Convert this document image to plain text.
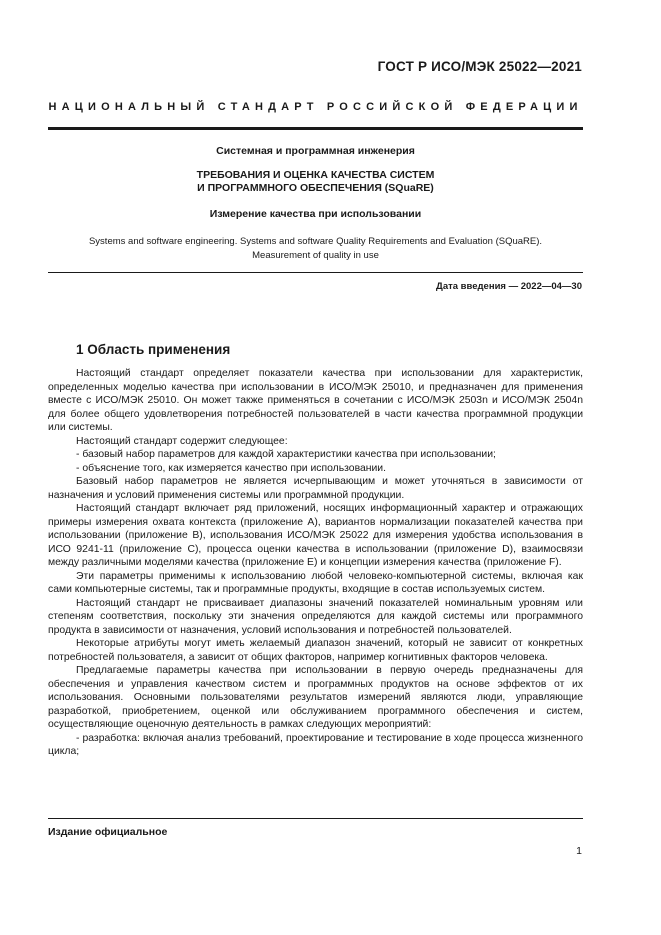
ГОСТ Р ИСО/МЭК 25022—2021
НАЦИОНАЛЬНЫЙ СТАНДАРТ РОССИЙСКОЙ ФЕДЕРАЦИИ
Системная и программная инженерия
ТРЕБОВАНИЯ И ОЦЕНКА КАЧЕСТВА СИСТЕМ
И ПРОГРАММНОГО ОБЕСПЕЧЕНИЯ (SQuaRE)
Измерение качества при использовании
Systems and software engineering. Systems and software Quality Requirements and Evaluation (SQuaRE).
Measurement of quality in use
Дата введения — 2022—04—30
1 Область применения

Настоящий стандарт определяет показатели качества при использовании для характеристик, определенных моделью качества при использовании в ИСО/МЭК 25010, и предназначен для применения вместе с ИСО/МЭК 25010. Он может также применяться в сочетании с ИСО/МЭК 2503n и ИСО/МЭК 2504n для более общего удовлетворения потребностей пользователей в части качества программной продукции или системы.

Настоящий стандарт содержит следующее:

- базовый набор параметров для каждой характеристики качества при использовании;

- объяснение того, как измеряется качество при использовании.

Базовый набор параметров не является исчерпывающим и может уточняться в зависимости от назначения и условий применения системы или программной продукции.

Настоящий стандарт включает ряд приложений, носящих информационный характер и отражающих примеры измерения охвата контекста (приложение А), вариантов нормализации показателей качества при использовании (приложение B), использования ИСО/МЭК 25022 для измерения удобства использования в ИСО 9241-11 (приложение C), процесса оценки качества в использовании (приложение D), взаимосвязи между различными моделями качества (приложение E) и концепции измерения качества (приложение F).

Эти параметры применимы к использованию любой человеко-компьютерной системы, включая как сами компьютерные системы, так и программные продукты, входящие в состав используемых систем.

Настоящий стандарт не присваивает диапазоны значений показателей номинальным уровням или степеням соответствия, поскольку эти значения определяются для каждой системы или программного продукта в зависимости от назначения, условий использования и потребностей пользователей.

Некоторые атрибуты могут иметь желаемый диапазон значений, который не зависит от конкретных потребностей пользователя, а зависит от общих факторов, например когнитивных факторов человека.

Предлагаемые параметры качества при использовании в первую очередь предназначены для обеспечения и управления качеством систем и программных продуктов на основе эффектов от их использования. Основными пользователями результатов измерений являются люди, управляющие разработкой, приобретением, оценкой или обслуживанием программного обеспечения и систем, осуществляющие оценочную деятельность в рамках следующих мероприятий:

- разработка: включая анализ требований, проектирование и тестирование в ходе процесса жизненного цикла;

Издание официальное
1
